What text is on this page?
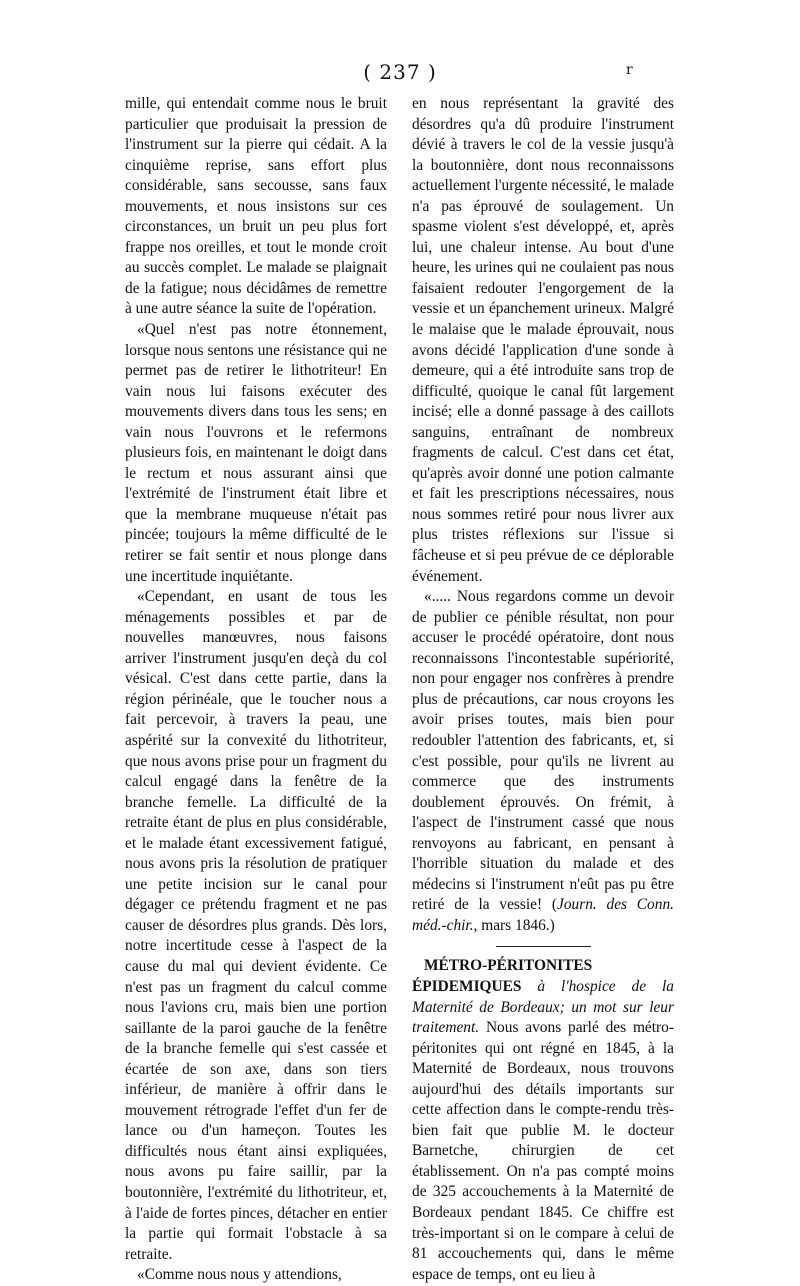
( 237 )	r

mille, qui entendait comme nous le bruit particulier que produisait la pression de l'instrument sur la pierre qui cédait. A la cinquième reprise, sans effort plus considérable, sans secousse, sans faux mouvements, et nous insistons sur ces circonstances, un bruit un peu plus fort frappe nos oreilles, et tout le monde croit au succès complet. Le malade se plaignait de la fatigue; nous décidâmes de remettre à une autre séance la suite de l'opération.

«Quel n'est pas notre étonnement, lorsque nous sentons une résistance qui ne permet pas de retirer le lithotriteur! En vain nous lui faisons exécuter des mouvements divers dans tous les sens; en vain nous l'ouvrons et le refermons plusieurs fois, en maintenant le doigt dans le rectum et nous assurant ainsi que l'extrémité de l'instrument était libre et que la membrane muqueuse n'était pas pincée; toujours la même difficulté de le retirer se fait sentir et nous plonge dans une incertitude inquiétante.

«Cependant, en usant de tous les ménagements possibles et par de nouvelles manœuvres, nous faisons arriver l'instrument jusqu'en deçà du col vésical. C'est dans cette partie, dans la région périnéale, que le toucher nous a fait percevoir, à travers la peau, une aspérité sur la convexité du lithotriteur, que nous avons prise pour un fragment du calcul engagé dans la fenêtre de la branche femelle. La difficulté de la retraite étant de plus en plus considérable, et le malade étant excessivement fatigué, nous avons pris la résolution de pratiquer une petite incision sur le canal pour dégager ce prétendu fragment et ne pas causer de désordres plus grands. Dès lors, notre incertitude cesse à l'aspect de la cause du mal qui devient évidente. Ce n'est pas un fragment du calcul comme nous l'avions cru, mais bien une portion saillante de la paroi gauche de la fenêtre de la branche femelle qui s'est cassée et écartée de son axe, dans son tiers inférieur, de manière à offrir dans le mouvement rétrograde l'effet d'un fer de lance ou d'un hameçon. Toutes les difficultés nous étant ainsi expliquées, nous avons pu faire saillir, par la boutonnière, l'extrémité du lithotriteur, et, à l'aide de fortes pinces, détacher en entier la partie qui formait l'obstacle à sa retraite.

«Comme nous nous y attendions,

en nous représentant la gravité des désordres qu'a dû produire l'instrument dévié à travers le col de la vessie jusqu'à la boutonnière, dont nous reconnaissons actuellement l'urgente nécessité, le malade n'a pas éprouvé de soulagement. Un spasme violent s'est développé, et, après lui, une chaleur intense. Au bout d'une heure, les urines qui ne coulaient pas nous faisaient redouter l'engorgement de la vessie et un épanchement urineux. Malgré le malaise que le malade éprouvait, nous avons décidé l'application d'une sonde à demeure, qui a été introduite sans trop de difficulté, quoique le canal fût largement incisé; elle a donné passage à des caillots sanguins, entraînant de nombreux fragments de calcul. C'est dans cet état, qu'après avoir donné une potion calmante et fait les prescriptions nécessaires, nous nous sommes retiré pour nous livrer aux plus tristes réflexions sur l'issue si fâcheuse et si peu prévue de ce déplorable événement.

«..... Nous regardons comme un devoir de publier ce pénible résultat, non pour accuser le procédé opératoire, dont nous reconnaissons l'incontestable supériorité, non pour engager nos confrères à prendre plus de précautions, car nous croyons les avoir prises toutes, mais bien pour redoubler l'attention des fabricants, et, si c'est possible, pour qu'ils ne livrent au commerce que des instruments doublement éprouvés. On frémit, à l'aspect de l'instrument cassé que nous renvoyons au fabricant, en pensant à l'horrible situation du malade et des médecins si l'instrument n'eût pas pu être retiré de la vessie! (Journ. des Conn. méd.-chir., mars 1846.)

MÉTRO-PÉRITONITES ÉPIDEMIQUES à l'hospice de la Maternité de Bordeaux; un mot sur leur traitement. Nous avons parlé des métro-péritonites qui ont régné en 1845, à la Maternité de Bordeaux, nous trouvons aujourd'hui des détails importants sur cette affection dans le compte-rendu très-bien fait que publie M. le docteur Barnetche, chirurgien de cet établissement. On n'a pas compté moins de 325 accouchements à la Maternité de Bordeaux pendant 1845. Ce chiffre est très-important si on le compare à celui de 81 accouchements qui, dans le même espace de temps, ont eu lieu à
